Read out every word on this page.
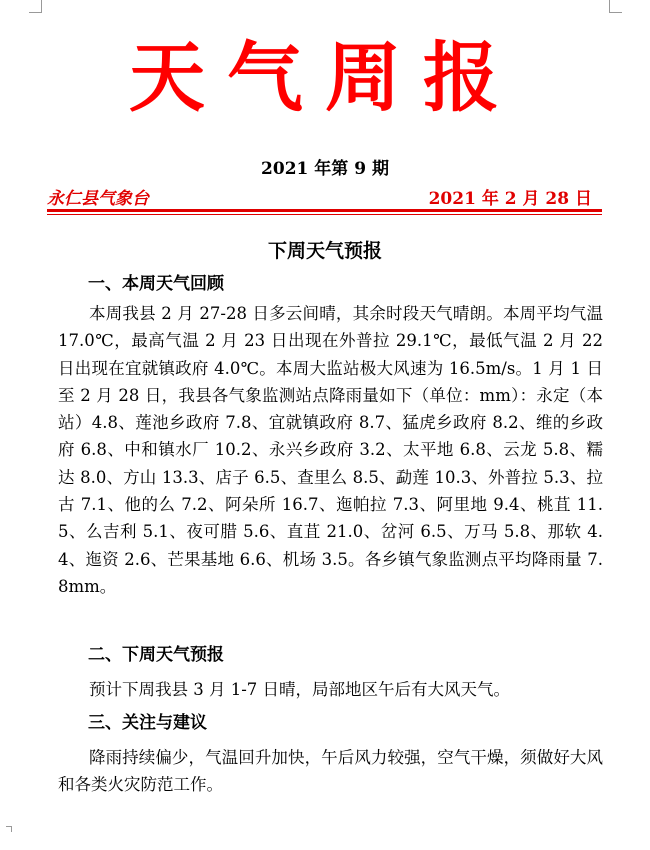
天气周报
2021 年第 9 期
永仁县气象台	2021 年 2 月 28 日
下周天气预报
一、本周天气回顾
本周我县 2 月 27-28 日多云间晴，其余时段天气晴朗。本周平均气温 17.0℃，最高气温 2 月 23 日出现在外普拉 29.1℃，最低气温 2 月 22 日出现在宜就镇政府 4.0℃。本周大监站极大风速为 16.5m/s。1 月 1 日至 2 月 28 日，我县各气象监测站点降雨量如下（单位：mm）：永定（本站）4.8、莲池乡政府 7.8、宜就镇政府 8.7、猛虎乡政府 8.2、维的乡政府 6.8、中和镇水厂 10.2、永兴乡政府 3.2、太平地 6.8、云龙 5.8、糯达 8.0、方山 13.3、店子 6.5、查里么 8.5、勐莲 10.3、外普拉 5.3、拉古 7.1、他的么 7.2、阿朵所 16.7、迤帕拉 7.3、阿里地 9.4、桃苴 11.5、么吉利 5.1、夜可腊 5.6、直苴 21.0、岔河 6.5、万马 5.8、那软 4.4、迤资 2.6、芒果基地 6.6、机场 3.5。各乡镇气象监测点平均降雨量 7.8mm。
二、下周天气预报
预计下周我县 3 月 1-7 日晴，局部地区午后有大风天气。
三、关注与建议
降雨持续偏少，气温回升加快，午后风力较强，空气干燥，须做好大风和各类火灾防范工作。
